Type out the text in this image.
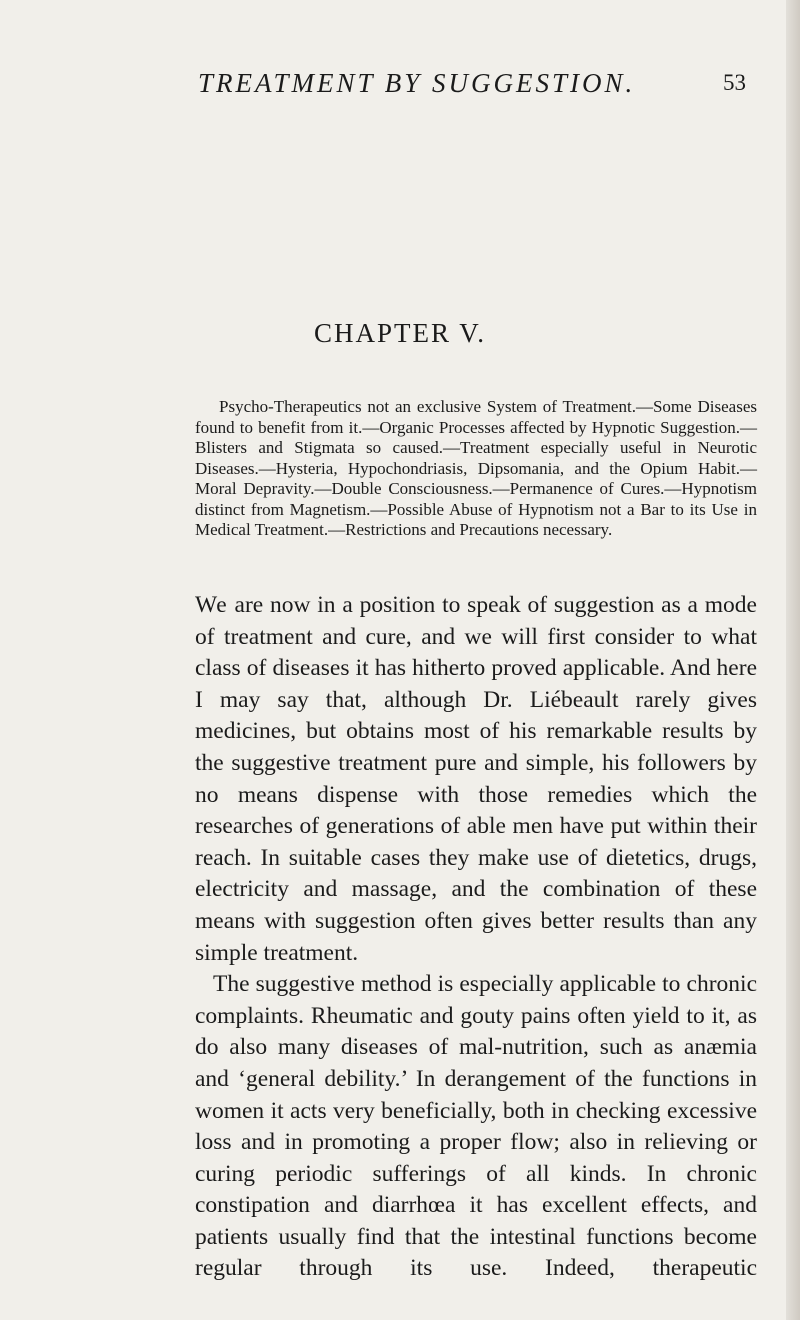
TREATMENT BY SUGGESTION.	53
CHAPTER V.

Psycho-Therapeutics not an exclusive System of Treatment.—Some Diseases found to benefit from it.—Organic Processes affected by Hypnotic Suggestion.—Blisters and Stigmata so caused.—Treatment especially useful in Neurotic Diseases.—Hysteria, Hypochondriasis, Dipsomania, and the Opium Habit.—Moral Depravity.—Double Consciousness.—Permanence of Cures.—Hypnotism distinct from Magnetism.—Possible Abuse of Hypnotism not a Bar to its Use in Medical Treatment.—Restrictions and Precautions necessary.

We are now in a position to speak of suggestion as a mode of treatment and cure, and we will first consider to what class of diseases it has hitherto proved applicable. And here I may say that, although Dr. Liébeault rarely gives medicines, but obtains most of his remarkable results by the suggestive treatment pure and simple, his followers by no means dispense with those remedies which the researches of generations of able men have put within their reach. In suitable cases they make use of dietetics, drugs, electricity and massage, and the combination of these means with suggestion often gives better results than any simple treatment.

The suggestive method is especially applicable to chronic complaints. Rheumatic and gouty pains often yield to it, as do also many diseases of mal-nutrition, such as anæmia and ‘general debility.’ In derangement of the functions in women it acts very beneficially, both in checking excessive loss and in promoting a proper flow; also in relieving or curing periodic sufferings of all kinds. In chronic constipation and diarrhœa it has excellent effects, and patients usually find that the intestinal functions become regular through its use. Indeed, therapeutic
